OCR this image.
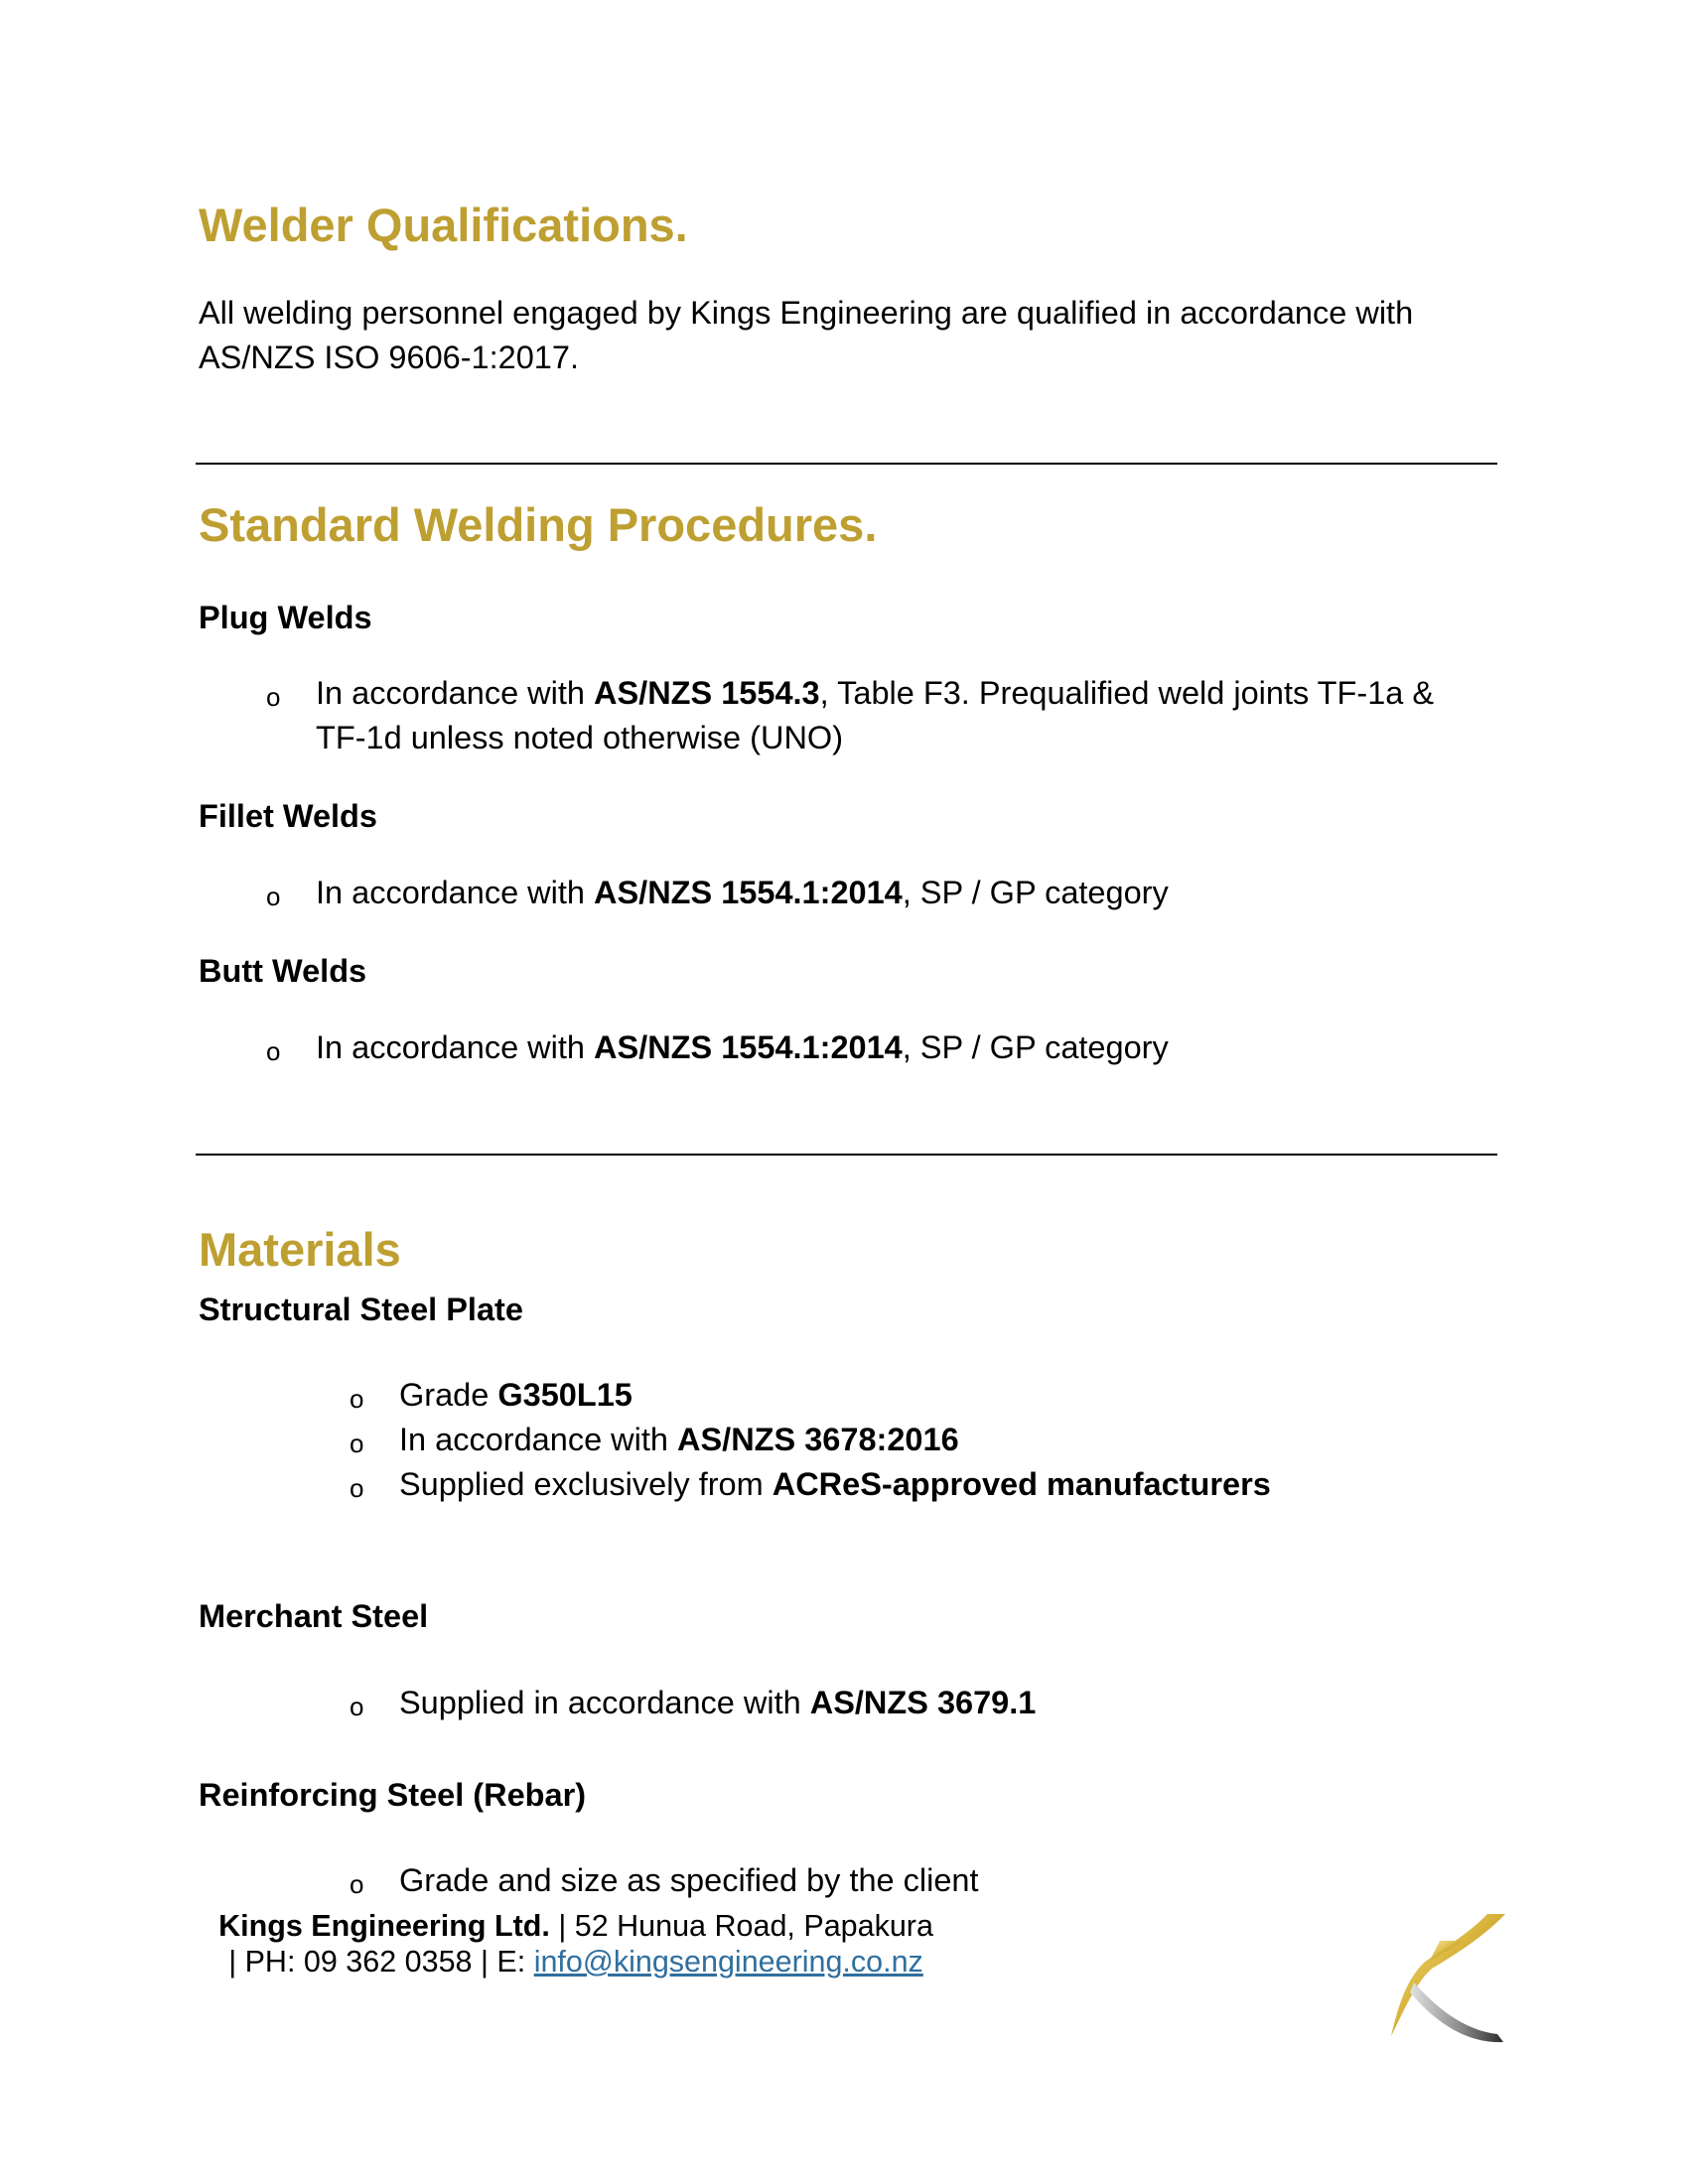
Welder Qualifications.

All welding personnel engaged by Kings Engineering are qualified in accordance with
AS/NZS ISO 9606-1:2017.

Standard Welding Procedures.
Plug Welds
o In accordance with AS/NZS 1554.3, Table F3. Prequalified weld joints TF-1a &
TF-1d unless noted otherwise (UNO)
Fillet Welds
o In accordance with AS/NZS 1554.1:2014, SP / GP category
Butt Welds
o In accordance with AS/NZS 1554.1:2014, SP / GP category
Materials
Structural Steel Plate
o Grade G350L15
o In accordance with AS/NZS 3678:2016
o Supplied exclusively from ACReS-approved manufacturers
Merchant Steel
o Supplied in accordance with AS/NZS 3679.1
Reinforcing Steel (Rebar)
o Grade and size as specified by the client
Kings Engineering Ltd. | 52 Hunua Road, Papakura
| PH: 09 362 0358 | E: info@kingsengineering.co.nz
